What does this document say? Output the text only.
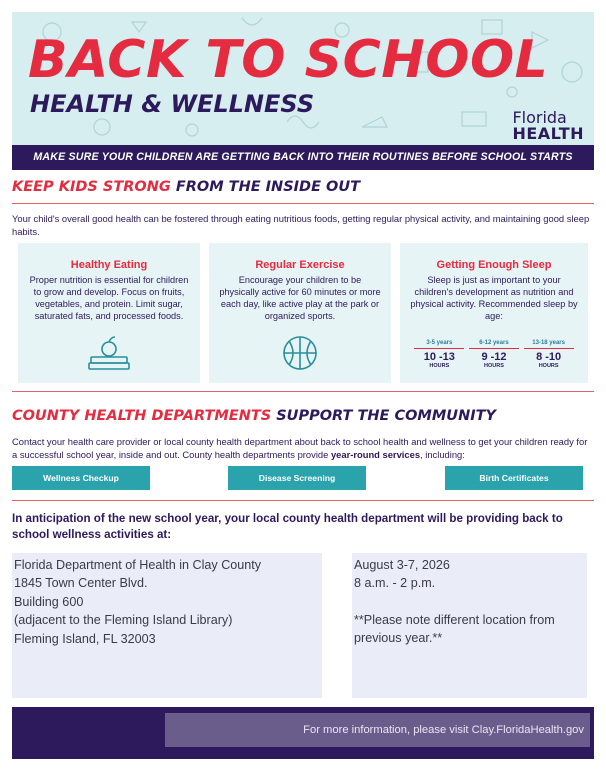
BACK TO SCHOOL
HEALTH & WELLNESS	Florida
HEALTH
MAKE SURE YOUR CHILDREN ARE GETTING BACK INTO THEIR ROUTINES BEFORE SCHOOL STARTS
KEEP KIDS STRONG FROM THE INSIDE OUT
Your child's overall good health can be fostered through eating nutritious foods, getting regular physical activity, and maintaining good sleep habits.
Healthy Eating
Proper nutrition is essential for children to grow and develop. Focus on fruits, vegetables, and protein. Limit sugar, saturated fats, and processed foods.
Regular Exercise
Encourage your children to be physically active for 60 minutes or more each day, like active play at the park or organized sports.
Getting Enough Sleep
Sleep is just as important to your children's development as nutrition and physical activity. Recommended sleep by age:
3-5 years
10 -13
HOURS
6-12 years
9 -12
HOURS
13-18 years
8 -10
HOURS
COUNTY HEALTH DEPARTMENTS SUPPORT THE COMMUNITY
Contact your health care provider or local county health department about back to school health and wellness to get your children ready for a successful school year, inside and out. County health departments provide year-round services, including:
Wellness Checkup	Disease Screening	Birth Certificates
In anticipation of the new school year, your local county health department will be providing back to school wellness activities at:
Florida Department of Health in Clay County
1845 Town Center Blvd.
Building 600
(adjacent to the Fleming Island Library)
Fleming Island, FL 32003
August 3-7, 2026
8 a.m. - 2 p.m.
**Please note different location from previous year.**
For more information, please visit Clay.FloridaHealth.gov
